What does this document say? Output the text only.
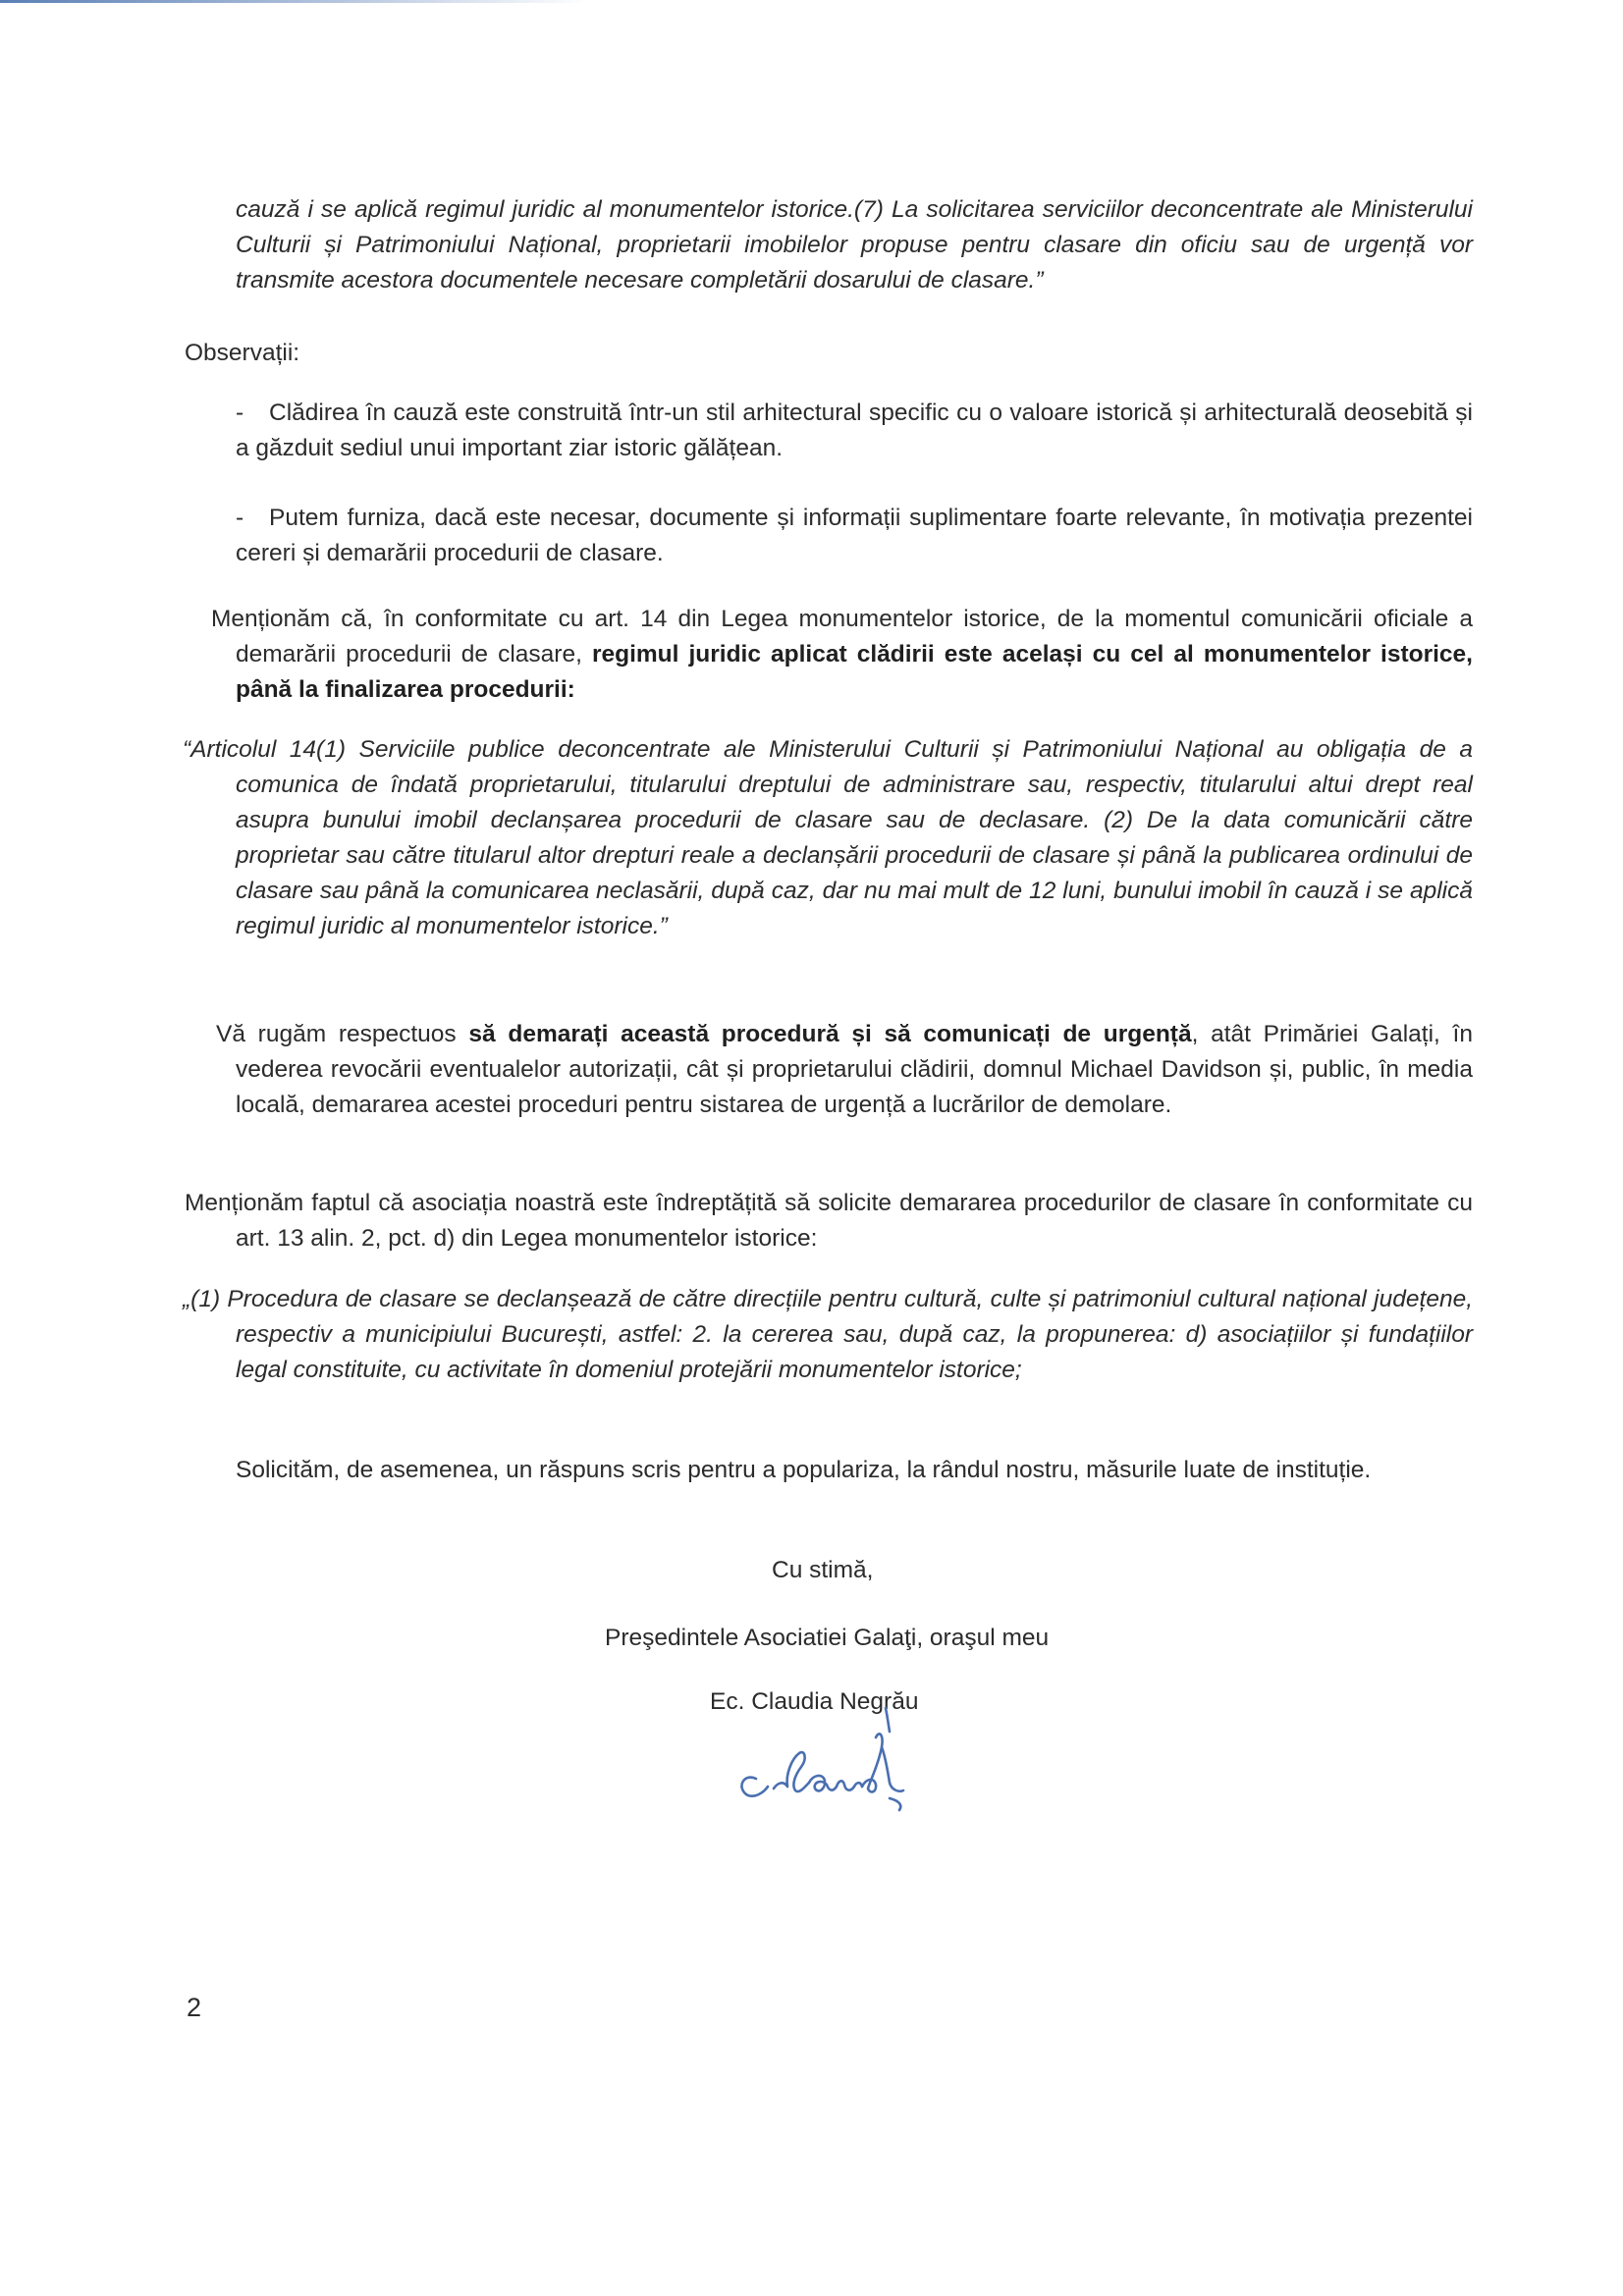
cauză i se aplică regimul juridic al monumentelor istorice.(7) La solicitarea serviciilor deconcentrate ale Ministerului Culturii și Patrimoniului Național, proprietarii imobilelor propuse pentru clasare din oficiu sau de urgență vor transmite acestora documentele necesare completării dosarului de clasare.”

Observații:

- Clădirea în cauză este construită într-un stil arhitectural specific cu o valoare istorică și arhitecturală deosebită și a găzduit sediul unui important ziar istoric gălățean.

- Putem furniza, dacă este necesar, documente și informații suplimentare foarte relevante, în motivația prezentei cereri și demarării procedurii de clasare.

Menționăm că, în conformitate cu art. 14 din Legea monumentelor istorice, de la momentul comunicării oficiale a demarării procedurii de clasare, regimul juridic aplicat clădirii este același cu cel al monumentelor istorice, până la finalizarea procedurii:

“Articolul 14(1) Serviciile publice deconcentrate ale Ministerului Culturii și Patrimoniului Național au obligația de a comunica de îndată proprietarului, titularului dreptului de administrare sau, respectiv, titularului altui drept real asupra bunului imobil declanșarea procedurii de clasare sau de declasare. (2) De la data comunicării către proprietar sau către titularul altor drepturi reale a declanșării procedurii de clasare și până la publicarea ordinului de clasare sau până la comunicarea neclasării, după caz, dar nu mai mult de 12 luni, bunului imobil în cauză i se aplică regimul juridic al monumentelor istorice.”

Vă rugăm respectuos să demarați această procedură și să comunicați de urgență, atât Primăriei Galați, în vederea revocării eventualelor autorizații, cât și proprietarului clădirii, domnul Michael Davidson și, public, în media locală, demararea acestei proceduri pentru sistarea de urgență a lucrărilor de demolare.

Menționăm faptul că asociația noastră este îndreptățită să solicite demararea procedurilor de clasare în conformitate cu art. 13 alin. 2, pct. d) din Legea monumentelor istorice:

„(1) Procedura de clasare se declanșează de către direcțiile pentru cultură, culte și patrimoniul cultural național județene, respectiv a municipiului București, astfel: 2. la cererea sau, după caz, la propunerea: d) asociațiilor și fundațiilor legal constituite, cu activitate în domeniul protejării monumentelor istorice;

Solicităm, de asemenea, un răspuns scris pentru a populariza, la rândul nostru, măsurile luate de instituție.

Cu stimă,
Preşedintele Asociatiei Galaţi, oraşul meu
Ec. Claudia Negrău
2
